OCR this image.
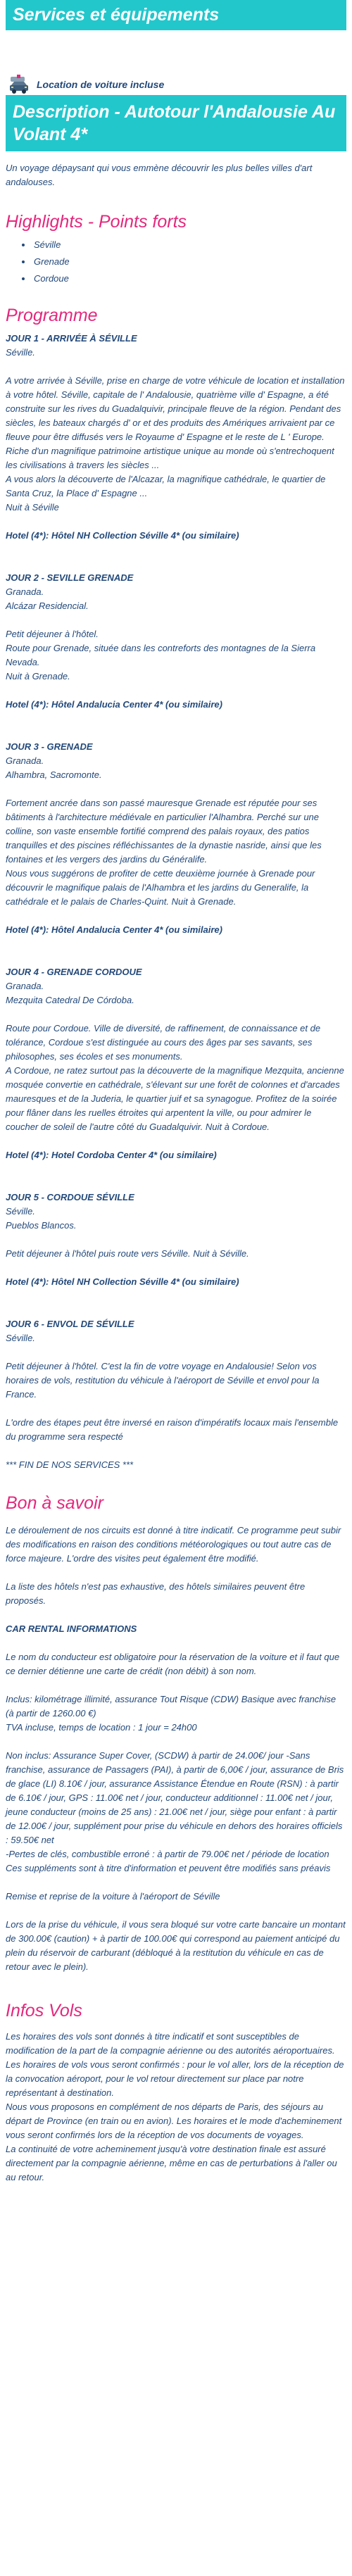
Services et équipements
Location de voiture incluse
Description - Autotour l'Andalousie Au Volant 4*

Un voyage dépaysant qui vous emmène découvrir les plus belles villes d'art andalouses.

Highlights - Points forts
• Séville
• Grenade
• Cordoue
Programme

JOUR 1 - ARRIVÉE À SÉVILLE

Séville.

A votre arrivée à Séville, prise en charge de votre véhicule de location et installation à votre hôtel. Séville, capitale de l' Andalousie, quatrième ville d' Espagne, a été construite sur les rives du Guadalquivir, principale fleuve de la région. Pendant des siècles, les bateaux chargés d' or et des produits des Amériques arrivaient par ce fleuve pour être diffusés vers le Royaume d' Espagne et le reste de L ' Europe.
Riche d'un magnifique patrimoine artistique unique au monde où s'entrechoquent les civilisations à travers les siècles ...
A vous alors la découverte de l'Alcazar, la magnifique cathédrale, le quartier de Santa Cruz, la Place d' Espagne ...
Nuit à Séville

Hotel (4*): Hôtel NH Collection Séville 4* (ou similaire)

JOUR 2 - SEVILLE GRENADE

Granada.
Alcázar Residencial.

Petit déjeuner à l'hôtel.
Route pour Grenade, située dans les contreforts des montagnes de la Sierra Nevada.
Nuit à Grenade.

Hotel (4*): Hôtel Andalucia Center 4* (ou similaire)

JOUR 3 - GRENADE

Granada.
Alhambra, Sacromonte.

Fortement ancrée dans son passé mauresque Grenade est réputée pour ses bâtiments à l'architecture médiévale en particulier l'Alhambra. Perché sur une colline, son vaste ensemble fortifié comprend des palais royaux, des patios tranquilles et des piscines réfléchissantes de la dynastie nasride, ainsi que les fontaines et les vergers des jardins du Généralife.
Nous vous suggérons de profiter de cette deuxième journée à Grenade pour découvrir le magnifique palais de l'Alhambra et les jardins du Generalife, la cathédrale et le palais de Charles-Quint. Nuit à Grenade.

Hotel (4*): Hôtel Andalucia Center 4* (ou similaire)

JOUR 4 - GRENADE CORDOUE

Granada.
Mezquita Catedral De Córdoba.

Route pour Cordoue. Ville de diversité, de raffinement, de connaissance et de tolérance, Cordoue s'est distinguée au cours des âges par ses savants, ses philosophes, ses écoles et ses monuments.
A Cordoue, ne ratez surtout pas la découverte de la magnifique Mezquita, ancienne mosquée convertie en cathédrale, s'élevant sur une forêt de colonnes et d'arcades mauresques et de la Juderia, le quartier juif et sa synagogue. Profitez de la soirée pour flâner dans les ruelles étroites qui arpentent la ville, ou pour admirer le coucher de soleil de l'autre côté du Guadalquivir. Nuit à Cordoue.

Hotel (4*): Hotel Cordoba Center 4* (ou similaire)

JOUR 5 - CORDOUE SÉVILLE

Séville.
Pueblos Blancos.

Petit déjeuner à l'hôtel puis route vers Séville. Nuit à Séville.

Hotel (4*): Hôtel NH Collection Séville 4* (ou similaire)

JOUR 6 - ENVOL DE SÉVILLE

Séville.

Petit déjeuner à l'hôtel. C'est la fin de votre voyage en Andalousie! Selon vos horaires de vols, restitution du véhicule à l'aéroport de Séville et envol pour la France.

L'ordre des étapes peut être inversé en raison d'impératifs locaux mais l'ensemble du programme sera respecté

*** FIN DE NOS SERVICES ***

Bon à savoir

Le déroulement de nos circuits est donné à titre indicatif. Ce programme peut subir des modifications en raison des conditions météorologiques ou tout autre cas de force majeure. L'ordre des visites peut également être modifié.

La liste des hôtels n'est pas exhaustive, des hôtels similaires peuvent être proposés.

CAR RENTAL INFORMATIONS

Le nom du conducteur est obligatoire pour la réservation de la voiture et il faut que ce dernier détienne une carte de crédit (non débit) à son nom.

Inclus: kilométrage illimité, assurance Tout Risque (CDW) Basique avec franchise (à partir de 1260.00 €)
TVA incluse, temps de location : 1 jour = 24h00

Non inclus: Assurance Super Cover, (SCDW) à partir de 24.00€/ jour -Sans franchise, assurance de Passagers (PAI), à partir de 6,00€ / jour, assurance de Bris de glace (LI) 8.10€ / jour, assurance Assistance Étendue en Route (RSN) : à partir de 6.10€ / jour, GPS : 11.00€ net / jour, conducteur additionnel : 11.00€ net / jour, jeune conducteur (moins de 25 ans) : 21.00€ net / jour, siège pour enfant : à partir de 12.00€ / jour, supplément pour prise du véhicule en dehors des horaires officiels : 59.50€ net
-Pertes de clés, combustible erroné : à partir de 79.00€ net / période de location
Ces suppléments sont à titre d'information et peuvent être modifiés sans préavis

Remise et reprise de la voiture à l'aéroport de Séville

Lors de la prise du véhicule, il vous sera bloqué sur votre carte bancaire un montant de 300.00€ (caution) + à partir de 100.00€ qui correspond au paiement anticipé du plein du réservoir de carburant (débloqué à la restitution du véhicule en cas de retour avec le plein).

Infos Vols

Les horaires des vols sont donnés à titre indicatif et sont susceptibles de modification de la part de la compagnie aérienne ou des autorités aéroportuaires.
Les horaires de vols vous seront confirmés : pour le vol aller, lors de la réception de la convocation aéroport, pour le vol retour directement sur place par notre représentant à destination.
Nous vous proposons en complément de nos départs de Paris, des séjours au départ de Province (en train ou en avion). Les horaires et le mode d'acheminement vous seront confirmés lors de la réception de vos documents de voyages.
La continuité de votre acheminement jusqu'à votre destination finale est assuré directement par la compagnie aérienne, même en cas de perturbations à l'aller ou au retour.
